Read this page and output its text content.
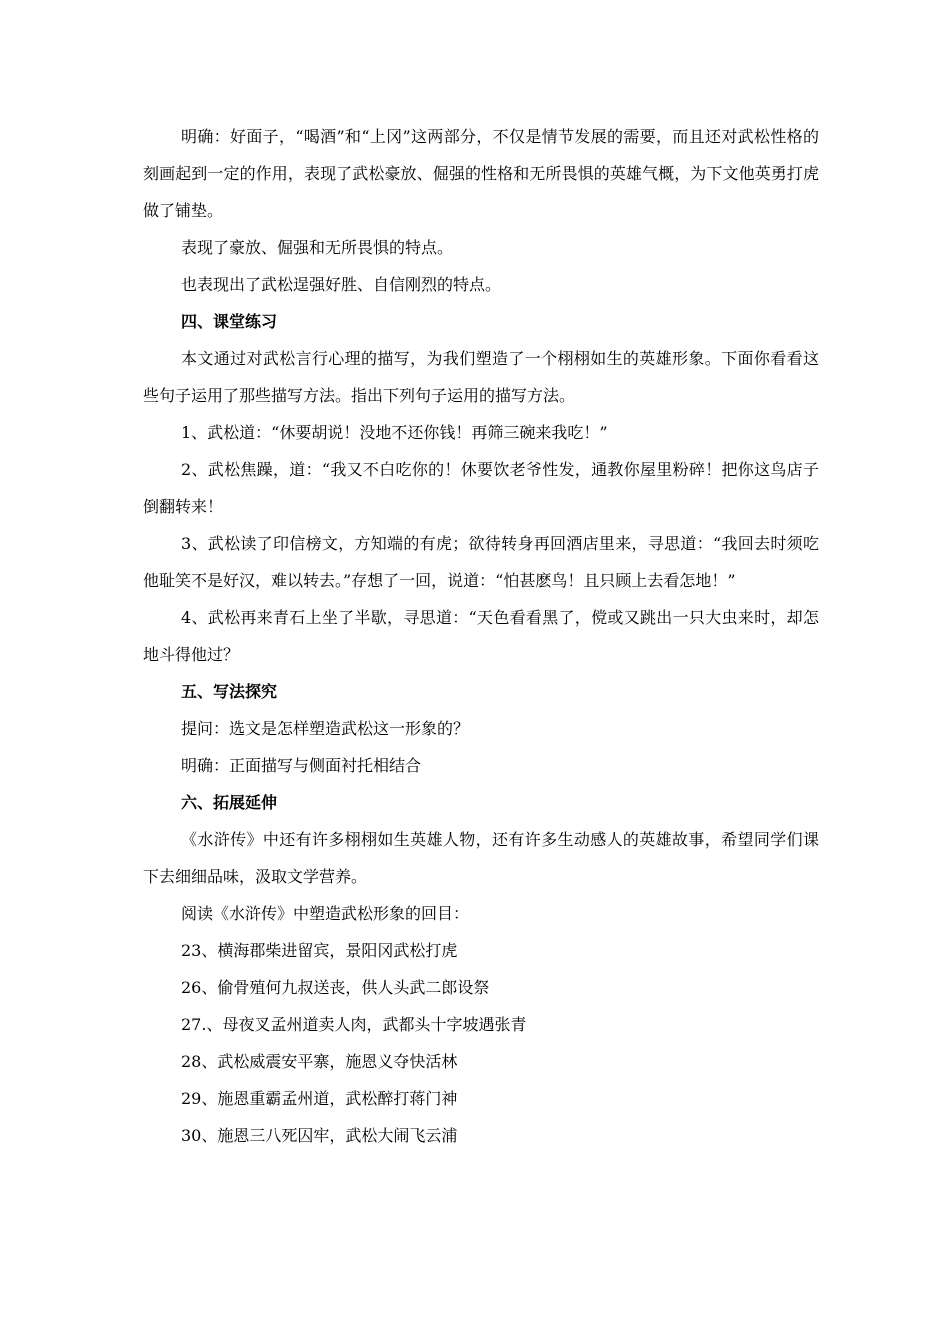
明确：好面子，“喝酒”和“上冈”这两部分，不仅是情节发展的需要，而且还对武松性格的刻画起到一定的作用，表现了武松豪放、倔强的性格和无所畏惧的英雄气概，为下文他英勇打虎做了铺垫。

表现了豪放、倔强和无所畏惧的特点。

也表现出了武松逞强好胜、自信刚烈的特点。

四、课堂练习

本文通过对武松言行心理的描写，为我们塑造了一个栩栩如生的英雄形象。下面你看看这些句子运用了那些描写方法。指出下列句子运用的描写方法。

1、武松道：“休要胡说！没地不还你钱！再筛三碗来我吃！”

2、武松焦躁，道：“我又不白吃你的！休要饮老爷性发，通教你屋里粉碎！把你这鸟店子倒翻转来！

3、武松读了印信榜文，方知端的有虎；欲待转身再回酒店里来，寻思道：“我回去时须吃他耻笑不是好汉，难以转去。”存想了一回，说道：“怕甚麽鸟！且只顾上去看怎地！”

4、武松再来青石上坐了半歇，寻思道：“天色看看黑了，傥或又跳出一只大虫来时，却怎地斗得他过？

五、写法探究

提问：选文是怎样塑造武松这一形象的？

明确：正面描写与侧面衬托相结合

六、拓展延伸

《水浒传》中还有许多栩栩如生英雄人物，还有许多生动感人的英雄故事，希望同学们课下去细细品味，汲取文学营养。

阅读《水浒传》中塑造武松形象的回目：

23、横海郡柴进留宾，景阳冈武松打虎

26、偷骨殖何九叔送丧，供人头武二郎设祭

27.、母夜叉孟州道卖人肉，武都头十字坡遇张青

28、武松威震安平寨，施恩义夺快活林

29、施恩重霸孟州道，武松醉打蒋门神

30、施恩三八死囚牢，武松大闹飞云浦
